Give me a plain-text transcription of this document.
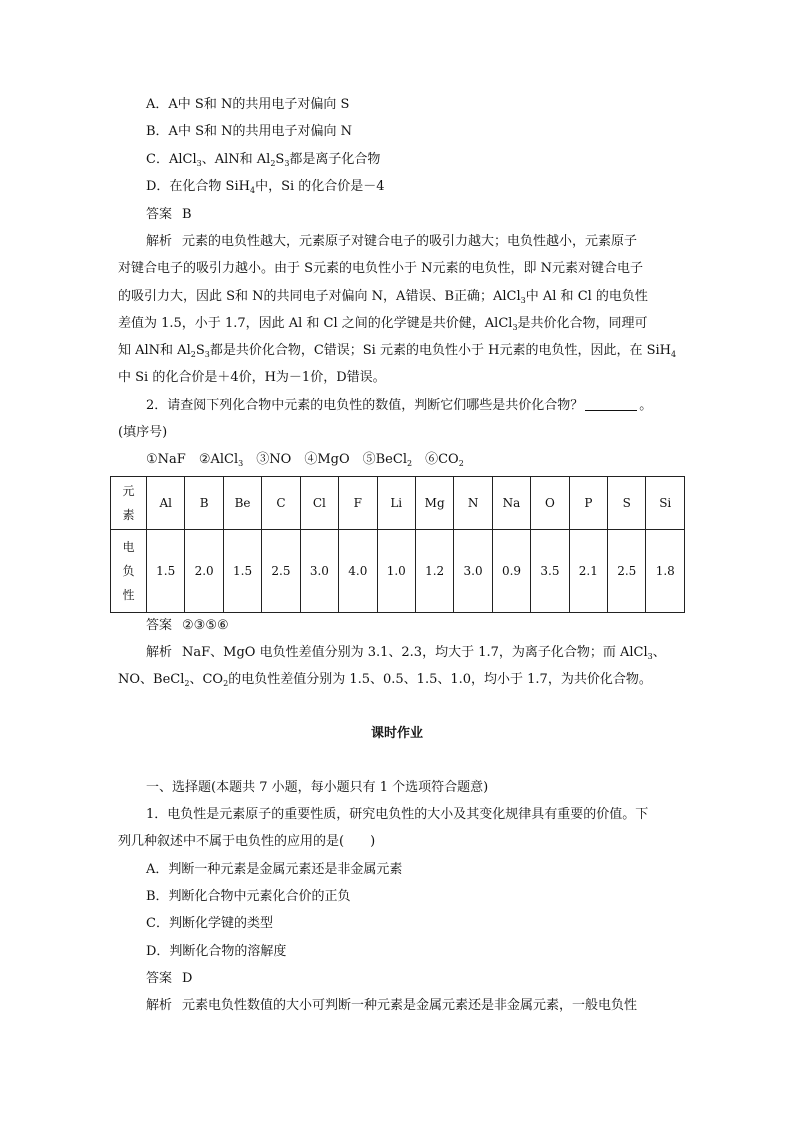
A．A中 S和 N的共用电子对偏向 S
B．A中 S和 N的共用电子对偏向 N
C．AlCl$_3$、AlN和 $Al_2S_3$都是离子化合物
D．在化合物 SiH$_4$中，Si 的化合价是－4
答案 B
解析 元素的电负性越大，元素原子对键合电子的吸引力越大；电负性越小，元素原子
对键合电子的吸引力越小。由于 S元素的电负性小于 N元素的电负性，即 N元素对键合电子
的吸引力大，因此 S和 N的共同电子对偏向 N，A错误、B正确；AlCl$_3$中 Al 和 Cl 的电负性
差值为 1.5，小于 1.7，因此 Al 和 Cl 之间的化学键是共价健，AlCl$_3$是共价化合物，同理可
知 AlN和 $Al_2S_3$都是共价化合物，C错误；Si 元素的电负性小于 H元素的电负性，因此，在 SiH$_4$
中 Si 的化合价是＋4价，H为－1价，D错误。
2．请查阅下列化合物中元素的电负性的数值，判断它们哪些是共价化合物？	。
(填序号)
①NaF　 ②AlCl$_3$　 ③NO　 ④MgO　 ⑤BeCl$_2$　 $⑥CO_2$
元
素	Al	B	Be	C	Cl	F	Li	Mg	N	Na	O	P	S	Si
电
负
性	1.5	2.0	1.5	2.5	3.0	4.0	1.0	1.2	3.0	0.9	3.5	2.1	2.5	1.8
答案 ②③⑤⑥
解析 NaF、MgO 电负性差值分别为 3.1、2.3，均大于 1.7，为离子化合物；而 AlCl$_3$、
NO、BeCl$_2$、$CO_2$的电负性差值分别为 1.5、0.5、1.5、1.0，均小于 1.7，为共价化合物。
课时作业
一、选择题(本题共 7 小题，每小题只有 1 个选项符合题意)
1．电负性是元素原子的重要性质，研究电负性的大小及其变化规律具有重要的价值。下
列几种叙述中不属于电负性的应用的是(　　)
A．判断一种元素是金属元素还是非金属元素
B．判断化合物中元素化合价的正负
C．判断化学键的类型
D．判断化合物的溶解度
答案 D
解析 元素电负性数值的大小可判断一种元素是金属元素还是非金属元素，一般电负性
